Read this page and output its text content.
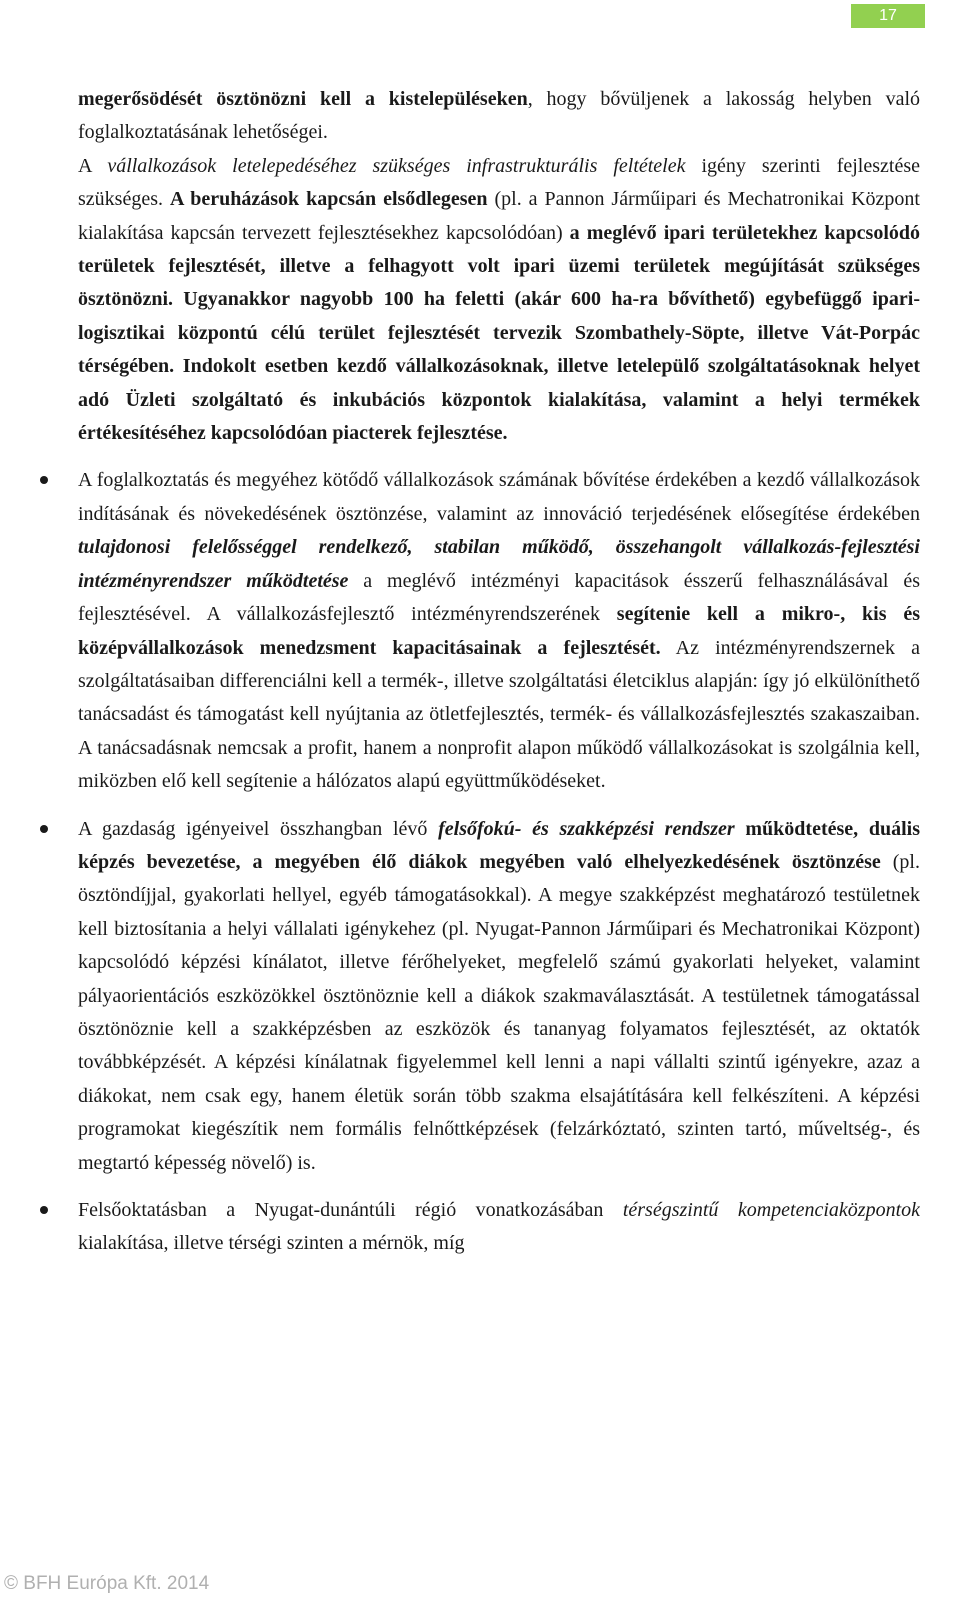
17

megerősödését ösztönözni kell a kistelepüléseken, hogy bővüljenek a lakosság helyben való foglalkoztatásának lehetőségei.

A vállalkozások letelepedéséhez szükséges infrastrukturális feltételek igény szerinti fejlesztése szükséges. A beruházások kapcsán elsődlegesen (pl. a Pannon Járműipari és Mechatronikai Központ kialakítása kapcsán tervezett fejlesztésekhez kapcsolódóan) a meglévő ipari területekhez kapcsolódó területek fejlesztését, illetve a felhagyott volt ipari üzemi területek megújítását szükséges ösztönözni. Ugyanakkor nagyobb 100 ha feletti (akár 600 ha-ra bővíthető) egybefüggő ipari-logisztikai központú célú terület fejlesztését tervezik Szombathely-Söpte, illetve Vát-Porpác térségében. Indokolt esetben kezdő vállalkozásoknak, illetve letelepülő szolgáltatásoknak helyet adó Üzleti szolgáltató és inkubációs központok kialakítása, valamint a helyi termékek értékesítéséhez kapcsolódóan piacterek fejlesztése.

A foglalkoztatás és megyéhez kötődő vállalkozások számának bővítése érdekében a kezdő vállalkozások indításának és növekedésének ösztönzése, valamint az innováció terjedésének elősegítése érdekében tulajdonosi felelősséggel rendelkező, stabilan működő, összehangolt vállalkozás-fejlesztési intézményrendszer működtetése a meglévő intézményi kapacitások ésszerű felhasználásával és fejlesztésével. A vállalkozásfejlesztő intézményrendszerének segítenie kell a mikro-, kis és középvállalkozások menedzsment kapacitásainak a fejlesztését. Az intézményrendszernek a szolgáltatásaiban differenciálni kell a termék-, illetve szolgáltatási életciklus alapján: így jó elkülöníthető tanácsadást és támogatást kell nyújtania az ötletfejlesztés, termék- és vállalkozásfejlesztés szakaszaiban. A tanácsadásnak nemcsak a profit, hanem a nonprofit alapon működő vállalkozásokat is szolgálnia kell, miközben elő kell segítenie a hálózatos alapú együttműködéseket.

A gazdaság igényeivel összhangban lévő felsőfokú- és szakképzési rendszer működtetése, duális képzés bevezetése, a megyében élő diákok megyében való elhelyezkedésének ösztönzése (pl. ösztöndíjjal, gyakorlati hellyel, egyéb támogatásokkal). A megye szakképzést meghatározó testületnek kell biztosítania a helyi vállalati igénykehez (pl. Nyugat-Pannon Járműipari és Mechatronikai Központ) kapcsolódó képzési kínálatot, illetve férőhelyeket, megfelelő számú gyakorlati helyeket, valamint pályaorientációs eszközökkel ösztönöznie kell a diákok szakmaválasztását. A testületnek támogatással ösztönöznie kell a szakképzésben az eszközök és tananyag folyamatos fejlesztését, az oktatók továbbképzését. A képzési kínálatnak figyelemmel kell lenni a napi vállalti szintű igényekre, azaz a diákokat, nem csak egy, hanem életük során több szakma elsajátítására kell felkészíteni. A képzési programokat kiegészítik nem formális felnőttképzések (felzárkóztató, szinten tartó, műveltség-, és megtartó képesség növelő) is.

Felsőoktatásban a Nyugat-dunántúli régió vonatkozásában térségszintű kompetenciaközpontok kialakítása, illetve térségi szinten a mérnök, míg

© BFH Európa Kft. 2014
